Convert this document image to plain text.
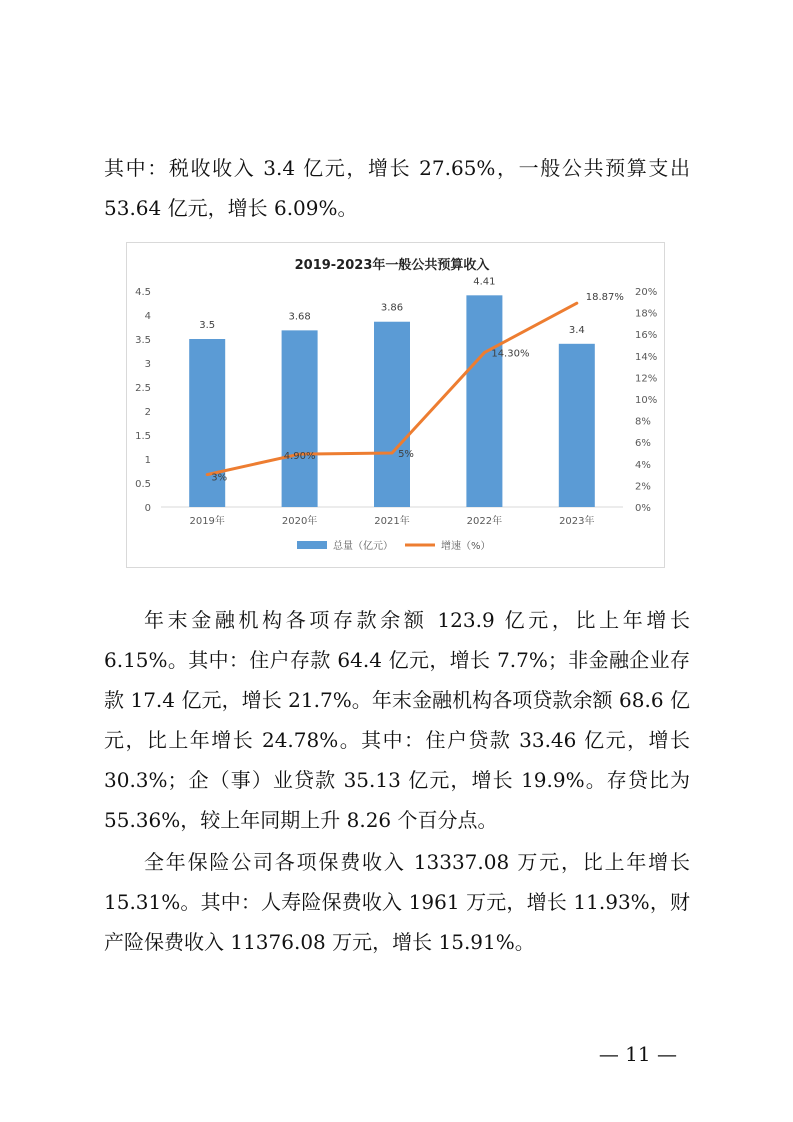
其中：税收收入 3.4 亿元，增长 27.65%，一般公共预算支出 53.64 亿元，增长 6.09%。

2019-2023年一般公共预算收入
0
0.5
1
1.5
2
2.5
3
3.5
4
4.5
0%
2%
4%
6%
8%
10%
12%
14%
16%
18%
20%
2019年	2020年	2021年	2022年	2023年
3.5
3.68
3.86
4.41
3.4
3%
4.90%	5%
14.30%
18.87%
总量（亿元）	增速（%）

年末金融机构各项存款余额 123.9 亿元，比上年增长 6.15%。其中：住户存款 64.4 亿元，增长 7.7%；非金融企业存款 17.4 亿元，增长 21.7%。年末金融机构各项贷款余额 68.6 亿元，比上年增长 24.78%。其中：住户贷款 33.46 亿元，增长 30.3%；企（事）业贷款 35.13 亿元，增长 19.9%。存贷比为 55.36%，较上年同期上升 8.26 个百分点。

全年保险公司各项保费收入 13337.08 万元，比上年增长 15.31%。其中：人寿险保费收入 1961 万元，增长 11.93%，财产险保费收入 11376.08 万元，增长 15.91%。

— 11 —
